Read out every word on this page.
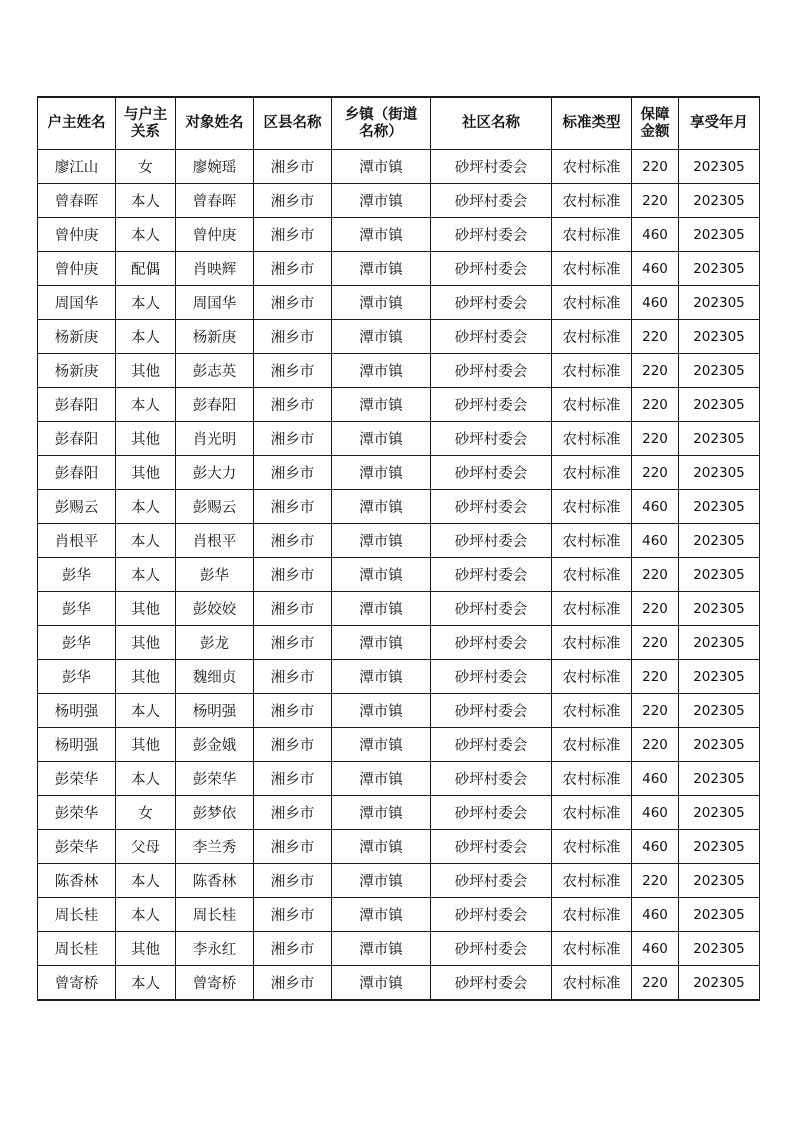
户主姓名	与户主关系	对象姓名	区县名称	乡镇（街道名称）	社区名称	标准类型	保障金额	享受年月
廖江山	女	廖婉瑶	湘乡市	潭市镇	砂坪村委会	农村标准	220	202305
曾春晖	本人	曾春晖	湘乡市	潭市镇	砂坪村委会	农村标准	220	202305
曾仲庚	本人	曾仲庚	湘乡市	潭市镇	砂坪村委会	农村标准	460	202305
曾仲庚	配偶	肖映辉	湘乡市	潭市镇	砂坪村委会	农村标准	460	202305
周国华	本人	周国华	湘乡市	潭市镇	砂坪村委会	农村标准	460	202305
杨新庚	本人	杨新庚	湘乡市	潭市镇	砂坪村委会	农村标准	220	202305
杨新庚	其他	彭志英	湘乡市	潭市镇	砂坪村委会	农村标准	220	202305
彭春阳	本人	彭春阳	湘乡市	潭市镇	砂坪村委会	农村标准	220	202305
彭春阳	其他	肖光明	湘乡市	潭市镇	砂坪村委会	农村标准	220	202305
彭春阳	其他	彭大力	湘乡市	潭市镇	砂坪村委会	农村标准	220	202305
彭赐云	本人	彭赐云	湘乡市	潭市镇	砂坪村委会	农村标准	460	202305
肖根平	本人	肖根平	湘乡市	潭市镇	砂坪村委会	农村标准	460	202305
彭华	本人	彭华	湘乡市	潭市镇	砂坪村委会	农村标准	220	202305
彭华	其他	彭姣姣	湘乡市	潭市镇	砂坪村委会	农村标准	220	202305
彭华	其他	彭龙	湘乡市	潭市镇	砂坪村委会	农村标准	220	202305
彭华	其他	魏细贞	湘乡市	潭市镇	砂坪村委会	农村标准	220	202305
杨明强	本人	杨明强	湘乡市	潭市镇	砂坪村委会	农村标准	220	202305
杨明强	其他	彭金娥	湘乡市	潭市镇	砂坪村委会	农村标准	220	202305
彭荣华	本人	彭荣华	湘乡市	潭市镇	砂坪村委会	农村标准	460	202305
彭荣华	女	彭梦依	湘乡市	潭市镇	砂坪村委会	农村标准	460	202305
彭荣华	父母	李兰秀	湘乡市	潭市镇	砂坪村委会	农村标准	460	202305
陈香林	本人	陈香林	湘乡市	潭市镇	砂坪村委会	农村标准	220	202305
周长桂	本人	周长桂	湘乡市	潭市镇	砂坪村委会	农村标准	460	202305
周长桂	其他	李永红	湘乡市	潭市镇	砂坪村委会	农村标准	460	202305
曾寄桥	本人	曾寄桥	湘乡市	潭市镇	砂坪村委会	农村标准	220	202305
